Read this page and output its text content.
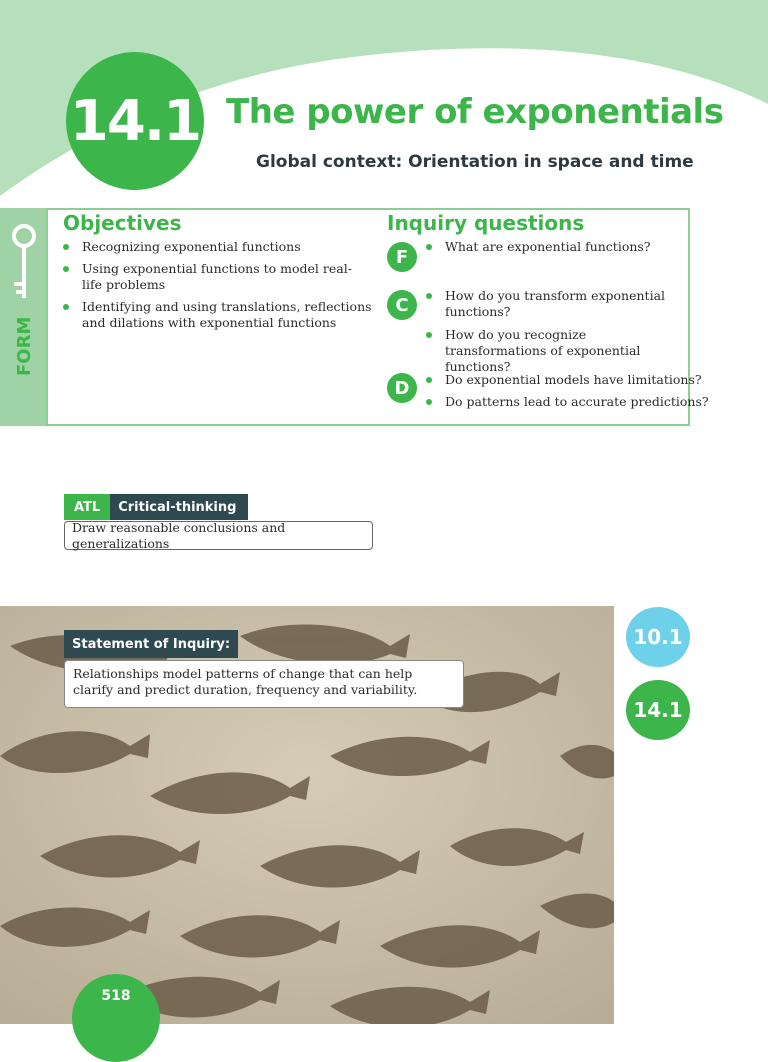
14.1 The power of exponentials
Global context: Orientation in space and time
FORM
Objectives
Recognizing exponential functions
Using exponential functions to model real-life problems
Identifying and using translations, reflections and dilations with exponential functions
Inquiry questions
F	What are exponential functions?
C	How do you transform exponential functions?
How do you recognize transformations of exponential functions?
D	Do exponential models have limitations?
Do patterns lead to accurate predictions?
ATL	Critical-thinking
Draw reasonable conclusions and generalizations
Statement of Inquiry:
Relationships model patterns of change that can help clarify and predict duration, frequency and variability.
10.1
14.1
518
